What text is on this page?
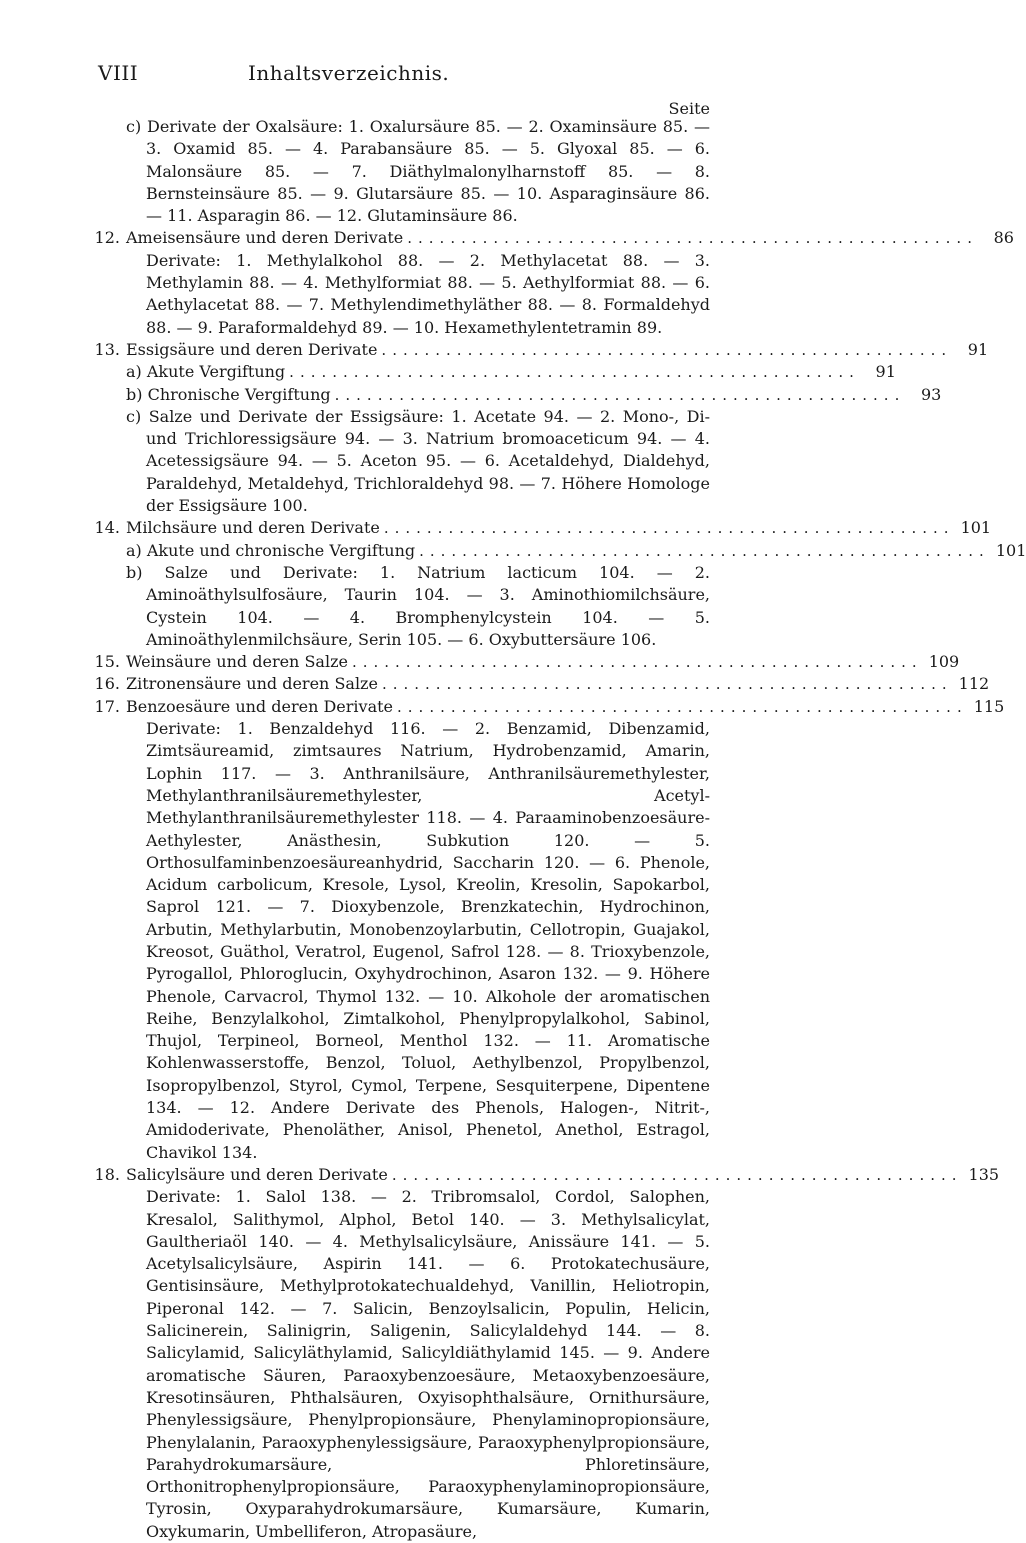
VIII	Inhaltsverzeichnis.
Seite
c) Derivate der Oxalsäure: 1. Oxalursäure 85. — 2. Oxaminsäure 85. — 3. Oxamid 85. — 4. Parabansäure 85. — 5. Glyoxal 85. — 6. Malonsäure 85. — 7. Diäthylmalonylharnstoff 85. — 8. Bernsteinsäure 85. — 9. Glutarsäure 85. — 10. Asparaginsäure 86. — 11. Asparagin 86. — 12. Glutaminsäure 86.
12. Ameisensäure und deren Derivate ..................................................... 86
Derivate: 1. Methylalkohol 88. — 2. Methylacetat 88. — 3. Methylamin 88. — 4. Methylformiat 88. — 5. Aethylformiat 88. — 6. Aethylacetat 88. — 7. Methylendimethyläther 88. — 8. Formaldehyd 88. — 9. Paraformaldehyd 89. — 10. Hexamethylentetramin 89.
13. Essigsäure und deren Derivate ..................................................... 91
a) Akute Vergiftung ..................................................... 91
b) Chronische Vergiftung ..................................................... 93
c) Salze und Derivate der Essigsäure: 1. Acetate 94. — 2. Mono-, Di- und Trichloressigsäure 94. — 3. Natrium bromoaceticum 94. — 4. Acetessigsäure 94. — 5. Aceton 95. — 6. Acetaldehyd, Dialdehyd, Paraldehyd, Metaldehyd, Trichloraldehyd 98. — 7. Höhere Homologe der Essigsäure 100.
14. Milchsäure und deren Derivate ..................................................... 101
a) Akute und chronische Vergiftung ..................................................... 101
b) Salze und Derivate: 1. Natrium lacticum 104. — 2. Aminoäthylsulfosäure, Taurin 104. — 3. Aminothiomilchsäure, Cystein 104. — 4. Bromphenylcystein 104. — 5. Aminoäthylenmilchsäure, Serin 105. — 6. Oxybuttersäure 106.
15. Weinsäure und deren Salze ..................................................... 109
16. Zitronensäure und deren Salze ..................................................... 112
17. Benzoesäure und deren Derivate ..................................................... 115
Derivate: 1. Benzaldehyd 116. — 2. Benzamid, Dibenzamid, Zimtsäureamid, zimtsaures Natrium, Hydrobenzamid, Amarin, Lophin 117. — 3. Anthranilsäure, Anthranilsäuremethylester, Methylanthranilsäuremethylester, Acetyl-Methylanthranilsäuremethylester 118. — 4. Paraaminobenzoesäure-Aethylester, Anästhesin, Subkution 120. — 5. Orthosulfaminbenzoesäureanhydrid, Saccharin 120. — 6. Phenole, Acidum carbolicum, Kresole, Lysol, Kreolin, Kresolin, Sapokarbol, Saprol 121. — 7. Dioxybenzole, Brenzkatechin, Hydrochinon, Arbutin, Methylarbutin, Monobenzoylarbutin, Cellotropin, Guajakol, Kreosot, Guäthol, Veratrol, Eugenol, Safrol 128. — 8. Trioxybenzole, Pyrogallol, Phloroglucin, Oxyhydrochinon, Asaron 132. — 9. Höhere Phenole, Carvacrol, Thymol 132. — 10. Alkohole der aromatischen Reihe, Benzylalkohol, Zimtalkohol, Phenylpropylalkohol, Sabinol, Thujol, Terpineol, Borneol, Menthol 132. — 11. Aromatische Kohlenwasserstoffe, Benzol, Toluol, Aethylbenzol, Propylbenzol, Isopropylbenzol, Styrol, Cymol, Terpene, Sesquiterpene, Dipentene 134. — 12. Andere Derivate des Phenols, Halogen-, Nitrit-, Amidoderivate, Phenoläther, Anisol, Phenetol, Anethol, Estragol, Chavikol 134.
18. Salicylsäure und deren Derivate ..................................................... 135
Derivate: 1. Salol 138. — 2. Tribromsalol, Cordol, Salophen, Kresalol, Salithymol, Alphol, Betol 140. — 3. Methylsalicylat, Gaultheriaöl 140. — 4. Methylsalicylsäure, Anissäure 141. — 5. Acetylsalicylsäure, Aspirin 141. — 6. Protokatechusäure, Gentisinsäure, Methylprotokatechualdehyd, Vanillin, Heliotropin, Piperonal 142. — 7. Salicin, Benzoylsalicin, Populin, Helicin, Salicinerein, Salinigrin, Saligenin, Salicylaldehyd 144. — 8. Salicylamid, Salicyläthylamid, Salicyldiäthylamid 145. — 9. Andere aromatische Säuren, Paraoxybenzoesäure, Metaoxybenzoesäure, Kresotinsäuren, Phthalsäuren, Oxyisophthalsäure, Ornithursäure, Phenylessigsäure, Phenylpropionsäure, Phenylaminopropionsäure, Phenylalanin, Paraoxyphenylessigsäure, Paraoxyphenylpropionsäure, Parahydrokumarsäure, Phloretinsäure, Orthonitrophenylpropionsäure, Paraoxyphenylaminopropionsäure, Tyrosin, Oxyparahydrokumarsäure, Kumarsäure, Kumarin, Oxykumarin, Umbelliferon, Atropasäure,
